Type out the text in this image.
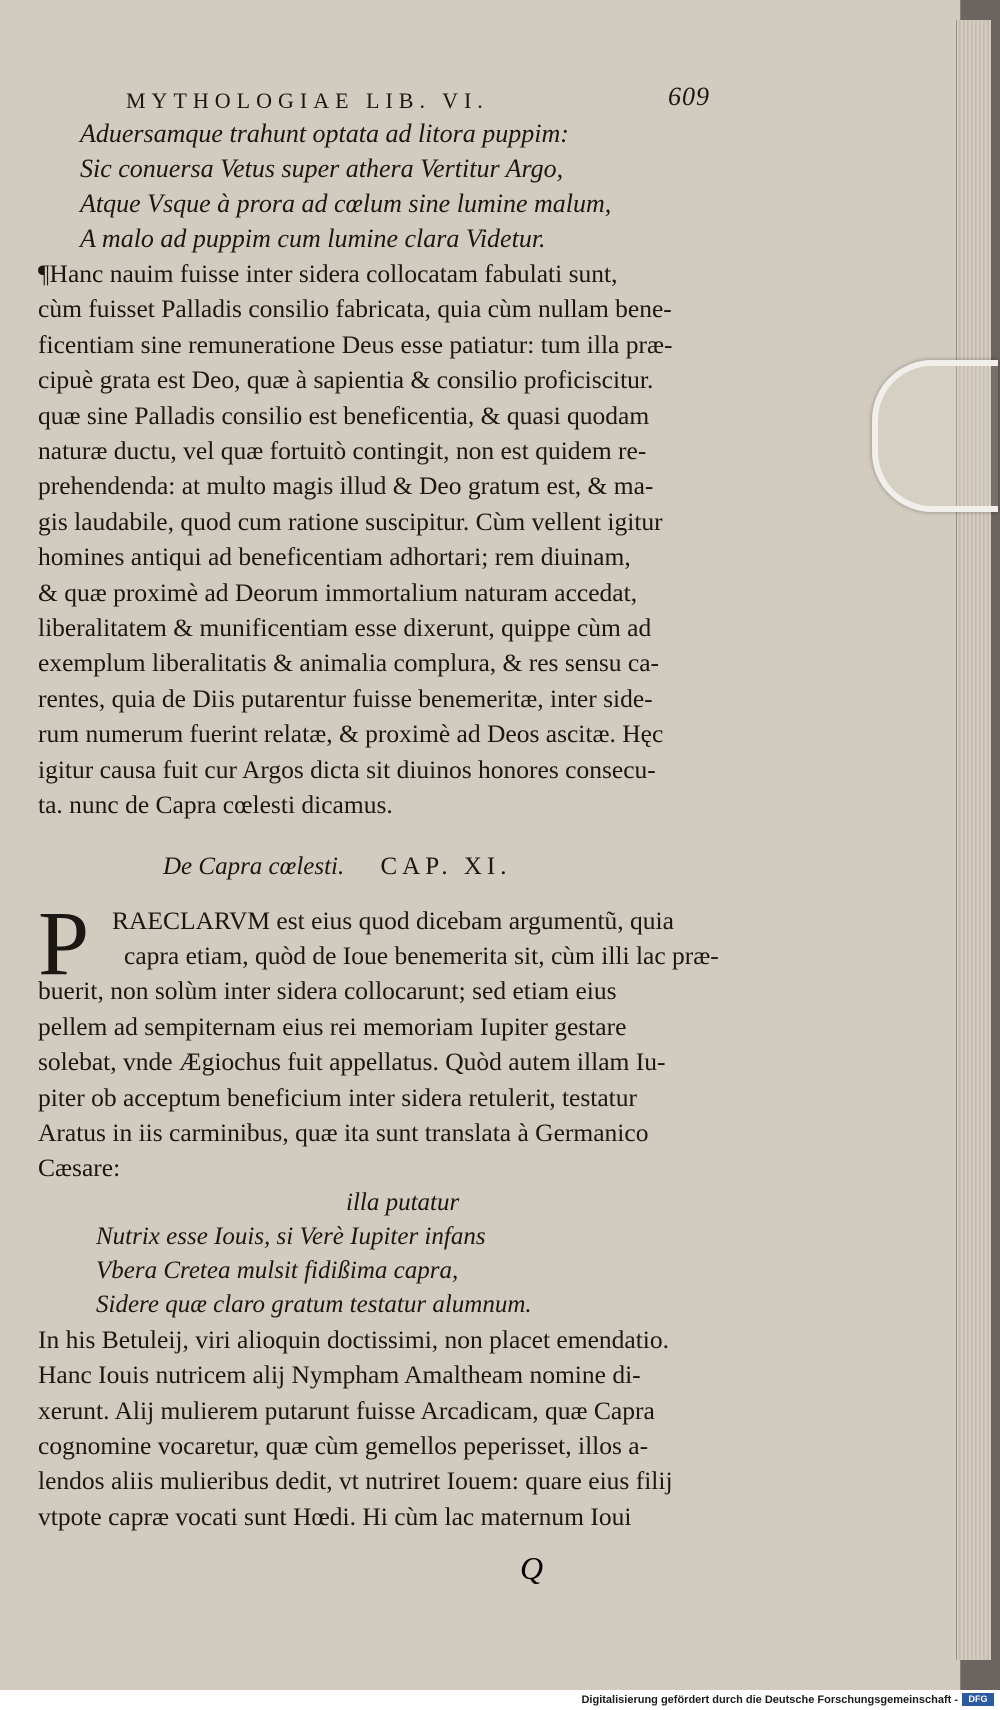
MYTHOLOGIAE LIB. VI.	609
Aduersamque trahunt optata ad litora puppim:
Sic conuersa Vetus super athera Vertitur Argo,
Atque Vsque à prora ad cœlum sine lumine malum,
A malo ad puppim cum lumine clara Videtur.
¶Hanc nauim fuisse inter sidera collocatam fabulati sunt,
cùm fuisset Palladis consilio fabricata, quia cùm nullam bene-
ficentiam sine remuneratione Deus esse patiatur: tum illa præ-
cipuè grata est Deo, quæ à sapientia & consilio proficiscitur.
quæ sine Palladis consilio est beneficentia, & quasi quodam
naturæ ductu, vel quæ fortuitò contingit, non est quidem re-
prehendenda: at multo magis illud & Deo gratum est, & ma-
gis laudabile, quod cum ratione suscipitur. Cùm vellent igitur
homines antiqui ad beneficentiam adhortari; rem diuinam,
& quæ proximè ad Deorum immortalium naturam accedat,
liberalitatem & munificentiam esse dixerunt, quippe cùm ad
exemplum liberalitatis & animalia complura, & res sensu ca-
rentes, quia de Diis putarentur fuisse benemeritæ, inter side-
rum numerum fuerint relatæ, & proximè ad Deos ascitæ. Hęc
igitur causa fuit cur Argos dicta sit diuinos honores consecu-
ta. nunc de Capra cœlesti dicamus.
De Capra cœlesti. CAP. XI.
P RAECLARVM est eius quod dicebam argumentũ, quia
capra etiam, quòd de Ioue benemerita sit, cùm illi lac præ-
buerit, non solùm inter sidera collocarunt; sed etiam eius
pellem ad sempiternam eius rei memoriam Iupiter gestare
solebat, vnde Ægiochus fuit appellatus. Quòd autem illam Iu-
piter ob acceptum beneficium inter sidera retulerit, testatur
Aratus in iis carminibus, quæ ita sunt translata à Germanico
Cæsare:
illa putatur
Nutrix esse Iouis, si Verè Iupiter infans
Vbera Cretea mulsit fidißima capra,
Sidere quæ claro gratum testatur alumnum.
In his Betuleij, viri alioquin doctissimi, non placet emendatio.
Hanc Iouis nutricem alij Nympham Amaltheam nomine di-
xerunt. Alij mulierem putarunt fuisse Arcadicam, quæ Capra
cognomine vocaretur, quæ cùm gemellos peperisset, illos a-
lendos aliis mulieribus dedit, vt nutriret Iouem: quare eius filij
vtpote capræ vocati sunt Hœdi. Hi cùm lac maternum Ioui
Q
Digitalisierung gefördert durch die Deutsche Forschungsgemeinschaft -	DFG
